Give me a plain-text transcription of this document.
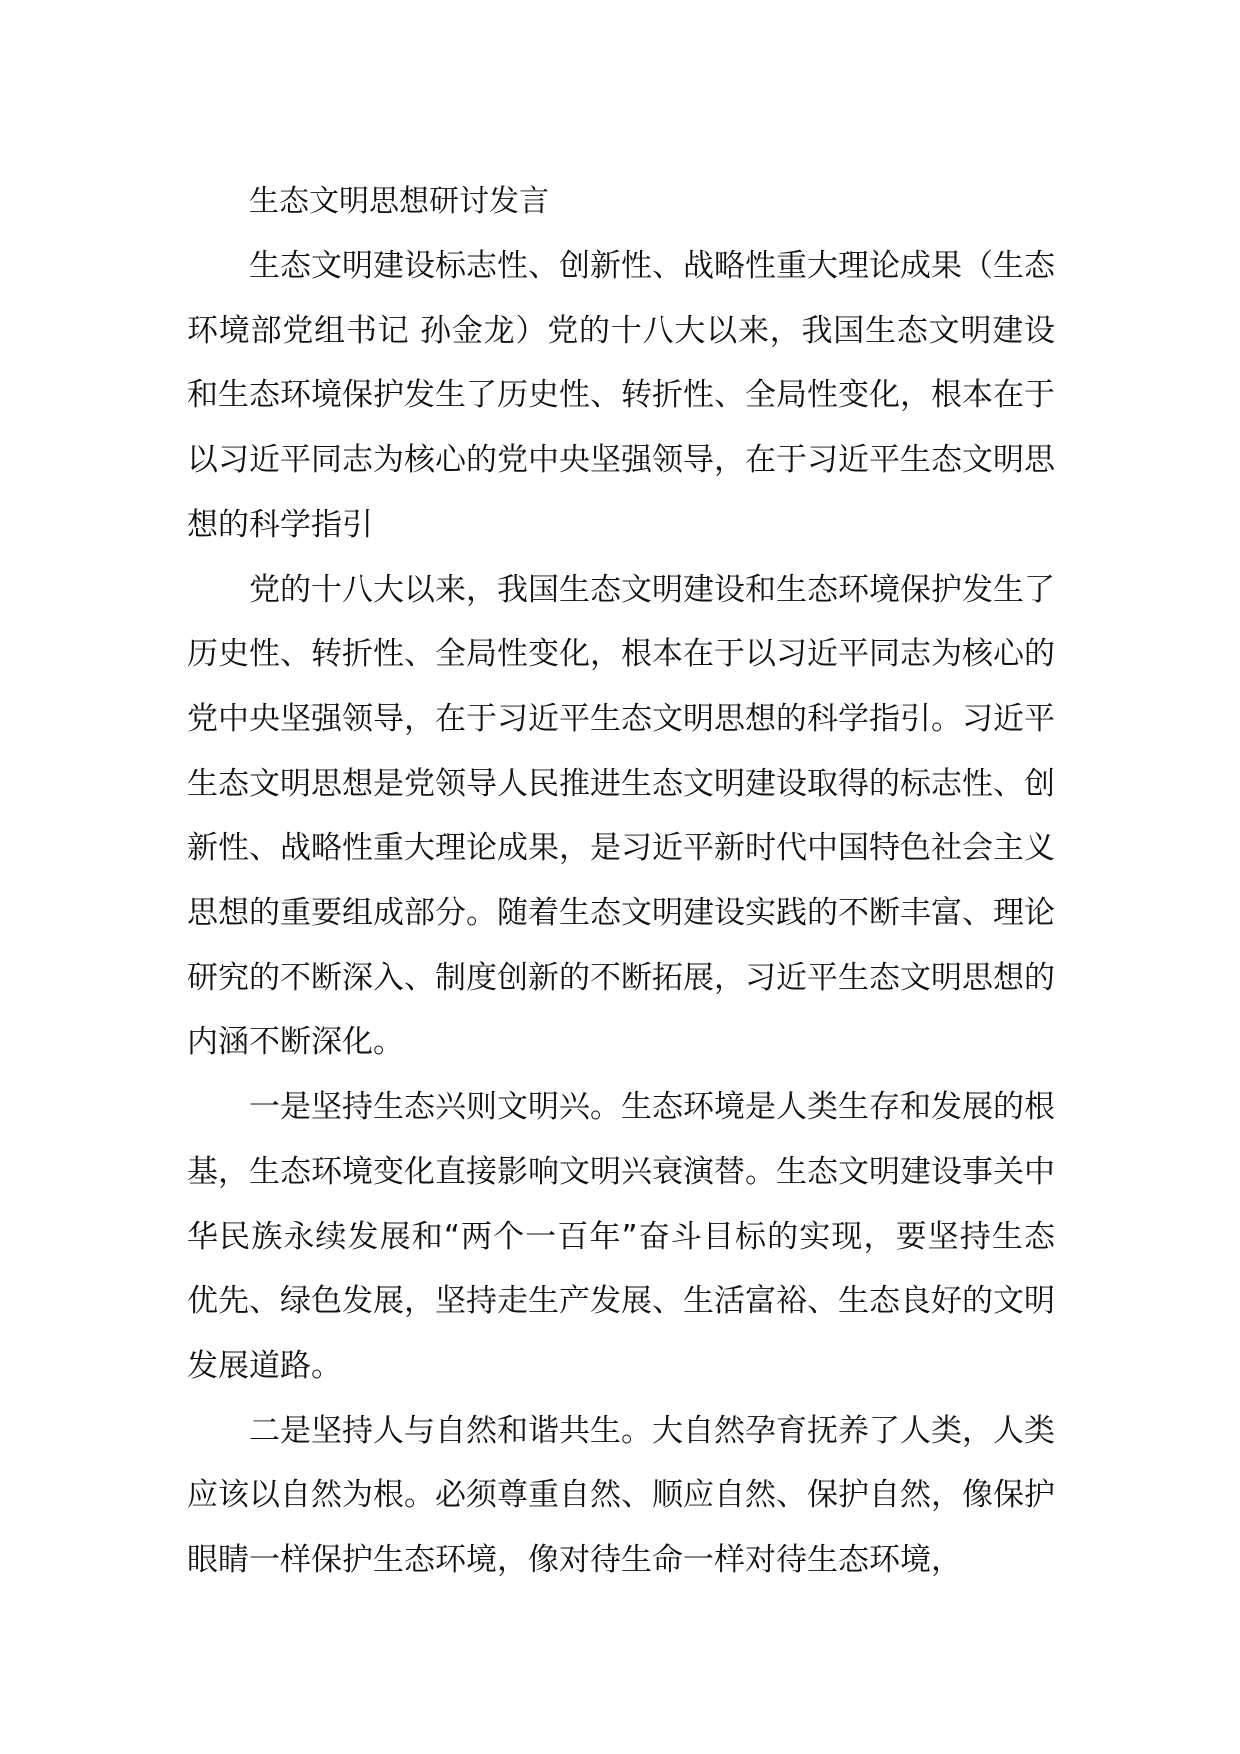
生态文明思想研讨发言

生态文明建设标志性、创新性、战略性重大理论成果（生态环境部党组书记 孙金龙）党的十八大以来，我国生态文明建设和生态环境保护发生了历史性、转折性、全局性变化，根本在于以习近平同志为核心的党中央坚强领导，在于习近平生态文明思想的科学指引

党的十八大以来，我国生态文明建设和生态环境保护发生了历史性、转折性、全局性变化，根本在于以习近平同志为核心的党中央坚强领导，在于习近平生态文明思想的科学指引。习近平生态文明思想是党领导人民推进生态文明建设取得的标志性、创新性、战略性重大理论成果，是习近平新时代中国特色社会主义思想的重要组成部分。随着生态文明建设实践的不断丰富、理论研究的不断深入、制度创新的不断拓展，习近平生态文明思想的内涵不断深化。

一是坚持生态兴则文明兴。生态环境是人类生存和发展的根基，生态环境变化直接影响文明兴衰演替。生态文明建设事关中华民族永续发展和“两个一百年”奋斗目标的实现，要坚持生态优先、绿色发展，坚持走生产发展、生活富裕、生态良好的文明发展道路。

二是坚持人与自然和谐共生。大自然孕育抚养了人类，人类应该以自然为根。必须尊重自然、顺应自然、保护自然，像保护眼睛一样保护生态环境，像对待生命一样对待生态环境，
